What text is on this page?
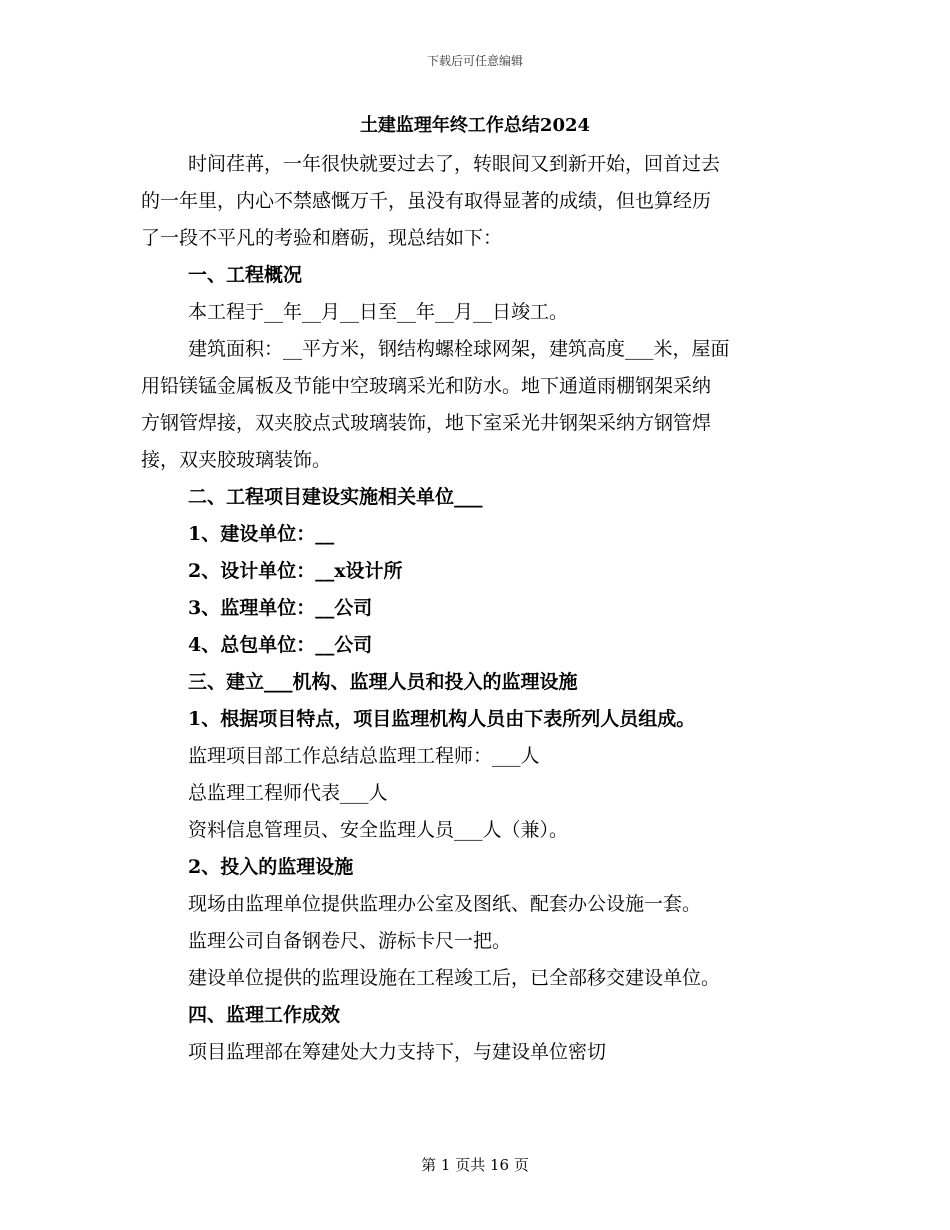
下载后可任意编辑
土建监理年终工作总结2024

时间荏苒，一年很快就要过去了，转眼间又到新开始，回首过去

的一年里，内心不禁感慨万千，虽没有取得显著的成绩，但也算经历

了一段不平凡的考验和磨砺，现总结如下：

一、工程概况

本工程于__年__月__日至__年__月__日竣工。

建筑面积：__平方米，钢结构螺栓球网架，建筑高度___米，屋面

用铅镁锰金属板及节能中空玻璃采光和防水。地下通道雨棚钢架采纳

方钢管焊接，双夹胶点式玻璃装饰，地下室采光井钢架采纳方钢管焊

接，双夹胶玻璃装饰。

二、工程项目建设实施相关单位___

1、建设单位：__

2、设计单位：__x设计所

3、监理单位：__公司

4、总包单位：__公司

三、建立___机构、监理人员和投入的监理设施

1、根据项目特点，项目监理机构人员由下表所列人员组成。

监理项目部工作总结总监理工程师：___人

总监理工程师代表___人

资料信息管理员、安全监理人员___人（兼）。

2、投入的监理设施

现场由监理单位提供监理办公室及图纸、配套办公设施一套。

监理公司自备钢卷尺、游标卡尺一把。

建设单位提供的监理设施在工程竣工后，已全部移交建设单位。

四、监理工作成效

项目监理部在筹建处大力支持下，与建设单位密切

第 1 页共 16 页
